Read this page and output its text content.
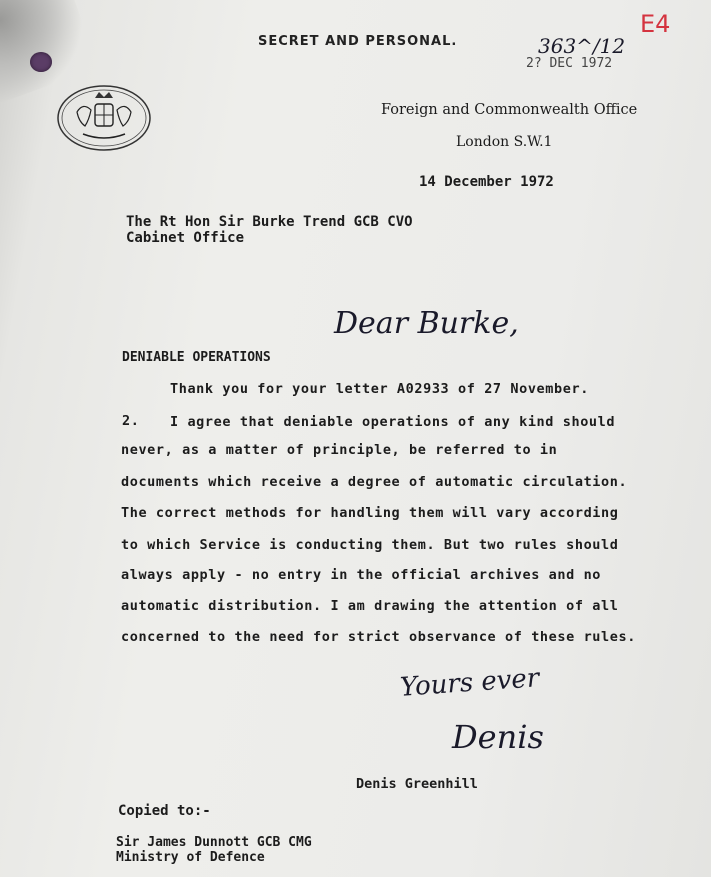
SECRET AND PERSONAL.	363^/12
2? DEC 1972
E4
Foreign and Commonwealth Office
London S.W.1
14 December 1972
The Rt Hon Sir Burke Trend GCB CVO
Cabinet Office
Dear Burke,
DENIABLE OPERATIONS
Thank you for your letter A02933 of 27 November.
2. I agree that deniable operations of any kind should
never, as a matter of principle, be referred to in
documents which receive a degree of automatic circulation.
The correct methods for handling them will vary according
to which Service is conducting them. But two rules should
always apply - no entry in the official archives and no
automatic distribution. I am drawing the attention of all
concerned to the need for strict observance of these rules.
Yours ever
Denis
Denis Greenhill
Copied to:-
Sir James Dunnott GCB CMG
Ministry of Defence
